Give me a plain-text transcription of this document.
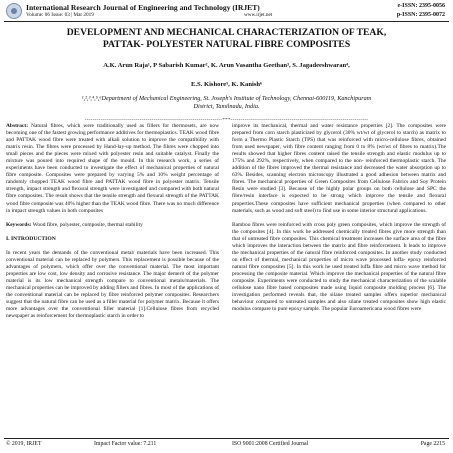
International Research Journal of Engineering and Technology (IRJET)
Volume: 06 Issue: 03 | Mar 2019	www.irjet.net
e-ISSN: 2395-0056
p-ISSN: 2395-0072
DEVELOPMENT AND MECHANICAL CHARACTERIZATION OF TEAK,
PATTAK- POLYESTER NATURAL FIBRE COMPOSITES
A.K. Arun Raja¹, P Sabarish Kumar², K. Arun Vasantha Geethan³, S. Jagadeeshwaran⁴,
E.S. Kishore⁵, K. Kanish⁶
¹,²,³,⁴,⁵,⁶Department of Mechanical Engineering, St. Joseph's Institute of Technology, Chennai-600119, Kanchipuram
District, Tamilnadu, India.
----------------------------------------------------------------------***----------------------------------------------------------------------

Abstract: Natural fibres, which were traditionally used as fillers for thermosets, are now becoming one of the fastest growing performance additives for thermoplastics. TEAK wood fibre and PATTAK wood fibre were treated with alkali solution to improve the compatibility with matrix resin. The fibres were processed by Hand-lay-up method. The fibres were chopped into small pieces and the pieces were mixed with polyester resin and suitable catalyst. Finally the mixture was poured into required shape of the mould. In this research work, a series of experiments have been conducted to investigate the effect of mechanical properties of natural fibre composite. Composites were prepared by varying 5% and 10% weight percentage of randomly chopped TEAK wood fibre and PATTAK wood fibre in polyester matrix. Tensile strength, impact strength and flexural strength were investigated and compared with both natural fibre composites. The result shows that the tensile strength and flexural strength of the PATTAK wood fibre composite was 40% higher than the TEAK wood fibre. There was no much difference in impact strength values in both composites

Keywords: Wood fibre, polyester, composite, thermal stability

I. INTRODUCTION

In recent years the demands of the conventional metal/ materials have been increased. This conventional material can be replaced by polymers. This replacement is possible because of the advantages of polymers, which offer over the conventional material. The most important properties are low cost, low density and corrosive resistance. The major demerit of the polymer material is its low mechanical strength compare to conventional metals/materials. The mechanical properties can be improved by adding fillers and fibres. In most of the applications of the conventional material can be replaced by fibre reinforced polymer composites. Researchers suggest that the natural fibre can be used as a filler material for polymer matrix. Because it offers more advantages over the conventional filler material [1].Cellulose fibres from recycled newspaper as reinforcement for thermoplastic starch in order to

improve its mechanical, thermal and water resistance properties [2]. The composites were prepared from corn starch plasticized by glycerol (30% wt/wt of glycerol to starch) as matrix to form a Thermo Plastic Starch (TPS) that was reinforced with micro-cellulose fibres, obtained from used newspaper, with fibre content ranging from 0 to 8% (wt/wt of fibres to matrix).The results showed that higher fibres content raised the tensile strength and elastic modulus up to 175% and 292%, respectively, when compared to the non- reinforced thermoplastic starch. The addition of the fibres improved the thermal resistance and decreased the water absorption up to 63%. Besides, scanning electron microscopy illustrated a good adhesion between matrix and fibres. The mechanical properties of Green Composites from Cellulose Fabrics and Soy Protein Resin were studied [3]. Because of the highly polar groups on both cellulose and SPC the fibre/resin interface is expected to be strong which improve the tensile and flexural properties.These composites have sufficient mechanical properties (when compared to other materials, such as wood and soft steel) to find use in some interior structural applications.

Bamboo fibres were reinforced with cross poly green composites, which improve the strength of the composites [4]. In this work he addressed chemically treated fibres give more strength than that of untreated fibre composites. This chemical treatment increases the surface area of the fibre which improves the interaction between the matrix and fibre reinforcement. It leads to improve the mechanical properties of the natural fibre reinforced composites. In another study conducted on effect of thermal, mechanical properties of micro wave processed luffa- epoxy reinforced natural fibre composites [5]. In this work he used treated luffa fibre and micro wave method for processing the composite material. Which improve the mechanical properties of the natural fibre composite. Experiments were conducted to study the mechanical characterization of the scalable cellulose nano fibre based composites made using liquid composite molding process [6]. The investigation performed reveals that, the silane treated samples offers superior mechanical behaviour compared to untreated samples and also silane treated composites show high elastic modulus compare to pure epoxy sample. The popular Euroamericana wood fibres were

© 2019, IRJET	Impact Factor value: 7.211	ISO 9001:2008 Certified Journal	Page 2215
